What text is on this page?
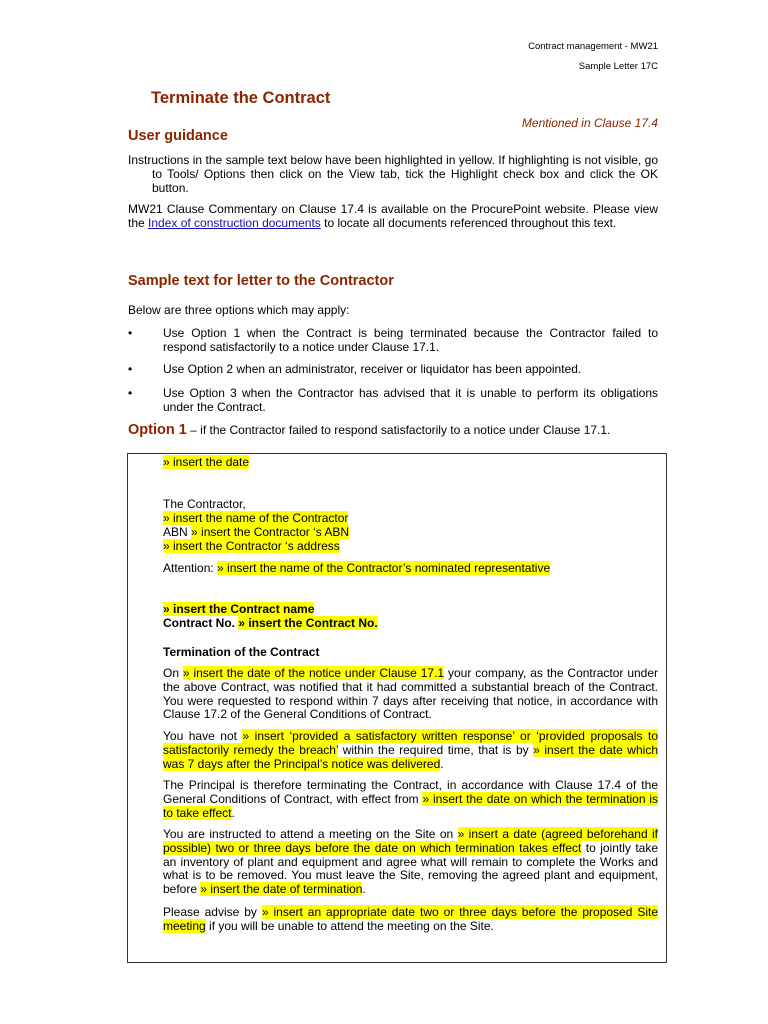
Contract management - MW21
Sample Letter 17C
Terminate the Contract
Mentioned in Clause 17.4
User guidance
Instructions in the sample text below have been highlighted in yellow. If highlighting is not visible, go to Tools/ Options then click on the View tab, tick the Highlight check box and click the OK button.
MW21 Clause Commentary on Clause 17.4 is available on the ProcurePoint website. Please view the Index of construction documents to locate all documents referenced throughout this text.
Sample text for letter to the Contractor
Below are three options which may apply:
•	Use Option 1 when the Contract is being terminated because the Contractor failed to respond satisfactorily to a notice under Clause 17.1.
•	Use Option 2 when an administrator, receiver or liquidator has been appointed.
•	Use Option 3 when the Contractor has advised that it is unable to perform its obligations under the Contract.
Option 1 – if the Contractor failed to respond satisfactorily to a notice under Clause 17.1.
» insert the date
The Contractor,
» insert the name of the Contractor
ABN » insert the Contractor ‘s ABN
» insert the Contractor ‘s address
Attention: » insert the name of the Contractor’s nominated representative
» insert the Contract name
Contract No. » insert the Contract No.
Termination of the Contract
On » insert the date of the notice under Clause 17.1 your company, as the Contractor under the above Contract, was notified that it had committed a substantial breach of the Contract. You were requested to respond within 7 days after receiving that notice, in accordance with Clause 17.2 of the General Conditions of Contract.
You have not » insert ‘provided a satisfactory written response’ or ‘provided proposals to satisfactorily remedy the breach’ within the required time, that is by » insert the date which was 7 days after the Principal’s notice was delivered.
The Principal is therefore terminating the Contract, in accordance with Clause 17.4 of the General Conditions of Contract, with effect from » insert the date on which the termination is to take effect.
You are instructed to attend a meeting on the Site on » insert a date (agreed beforehand if possible) two or three days before the date on which termination takes effect to jointly take an inventory of plant and equipment and agree what will remain to complete the Works and what is to be removed. You must leave the Site, removing the agreed plant and equipment, before » insert the date of termination.
Please advise by » insert an appropriate date two or three days before the proposed Site meeting if you will be unable to attend the meeting on the Site.
